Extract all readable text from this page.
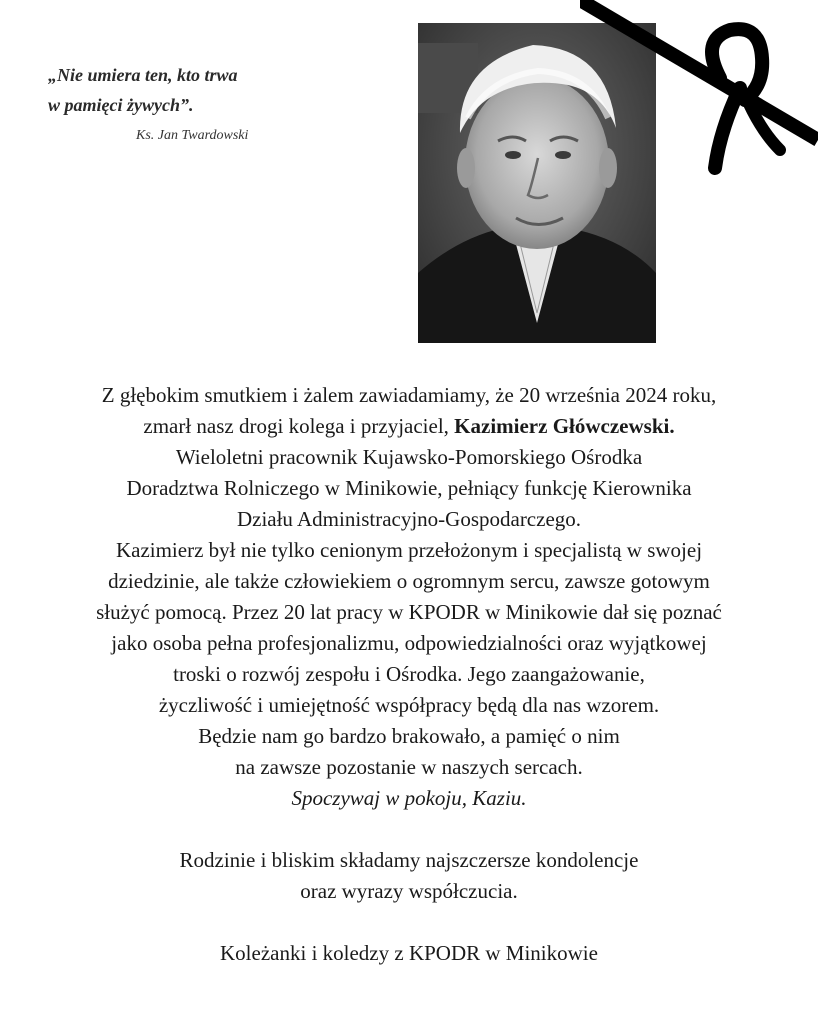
„Nie umiera ten, kto trwa
w pamięci żywych”.
Ks. Jan Twardowski
Z głębokim smutkiem i żalem zawiadamiamy, że 20 września 2024 roku,
zmarł nasz drogi kolega i przyjaciel, Kazimierz Główczewski.
Wieloletni pracownik Kujawsko-Pomorskiego Ośrodka
Doradztwa Rolniczego w Minikowie, pełniący funkcję Kierownika
Działu Administracyjno-Gospodarczego.
Kazimierz był nie tylko cenionym przełożonym i specjalistą w swojej
dziedzinie, ale także człowiekiem o ogromnym sercu, zawsze gotowym
służyć pomocą. Przez 20 lat pracy w KPODR w Minikowie dał się poznać
jako osoba pełna profesjonalizmu, odpowiedzialności oraz wyjątkowej
troski o rozwój zespołu i Ośrodka. Jego zaangażowanie,
życzliwość i umiejętność współpracy będą dla nas wzorem.
Będzie nam go bardzo brakowało, a pamięć o nim
na zawsze pozostanie w naszych sercach.
Spoczywaj w pokoju, Kaziu.
Rodzinie i bliskim składamy najszczersze kondolencje
oraz wyrazy współczucia.
Koleżanki i koledzy z KPODR w Minikowie
